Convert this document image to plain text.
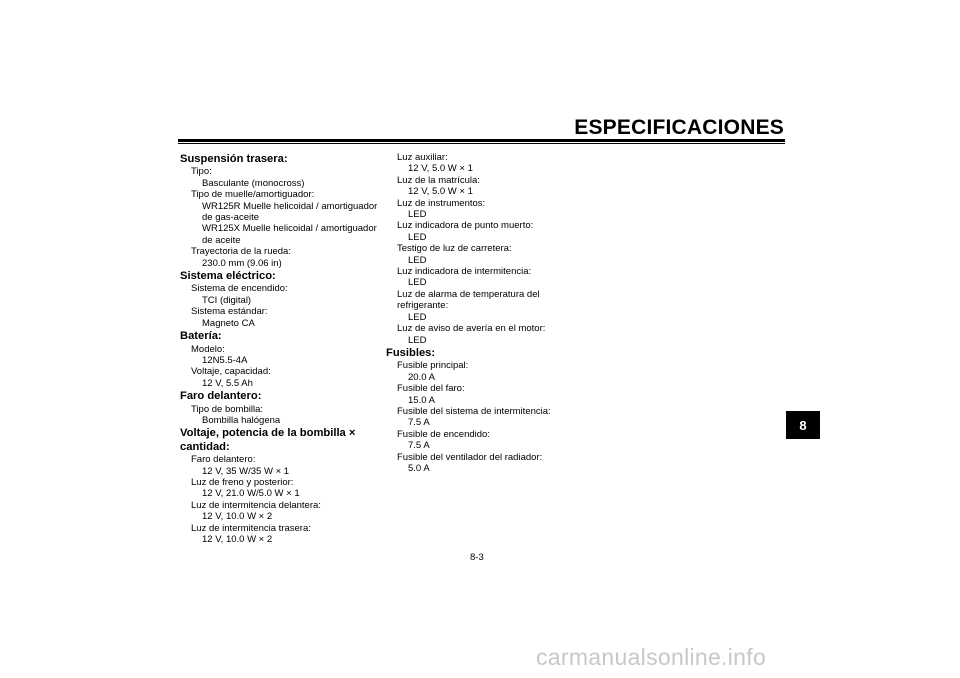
ESPECIFICACIONES
Suspensión trasera:
Tipo:
Basculante (monocross)
Tipo de muelle/amortiguador:
WR125R Muelle helicoidal / amortiguador
de gas-aceite
WR125X Muelle helicoidal / amortiguador
de aceite
Trayectoria de la rueda:
230.0 mm (9.06 in)
Sistema eléctrico:
Sistema de encendido:
TCI (digital)
Sistema estándar:
Magneto CA
Batería:
Modelo:
12N5.5-4A
Voltaje, capacidad:
12 V, 5.5 Ah
Faro delantero:
Tipo de bombilla:
Bombilla halógena
Voltaje, potencia de la bombilla ×
cantidad:
Faro delantero:
12 V, 35 W/35 W × 1
Luz de freno y posterior:
12 V, 21.0 W/5.0 W × 1
Luz de intermitencia delantera:
12 V, 10.0 W × 2
Luz de intermitencia trasera:
12 V, 10.0 W × 2
Luz auxiliar:
12 V, 5.0 W × 1
Luz de la matrícula:
12 V, 5.0 W × 1
Luz de instrumentos:
LED
Luz indicadora de punto muerto:
LED
Testigo de luz de carretera:
LED
Luz indicadora de intermitencia:
LED
Luz de alarma de temperatura del
refrigerante:
LED
Luz de aviso de avería en el motor:
LED
Fusibles:
Fusible principal:
20.0 A
Fusible del faro:
15.0 A
Fusible del sistema de intermitencia:
7.5 A
Fusible de encendido:
7.5 A
Fusible del ventilador del radiador:
5.0 A
8
8-3
carmanualsonline.info
